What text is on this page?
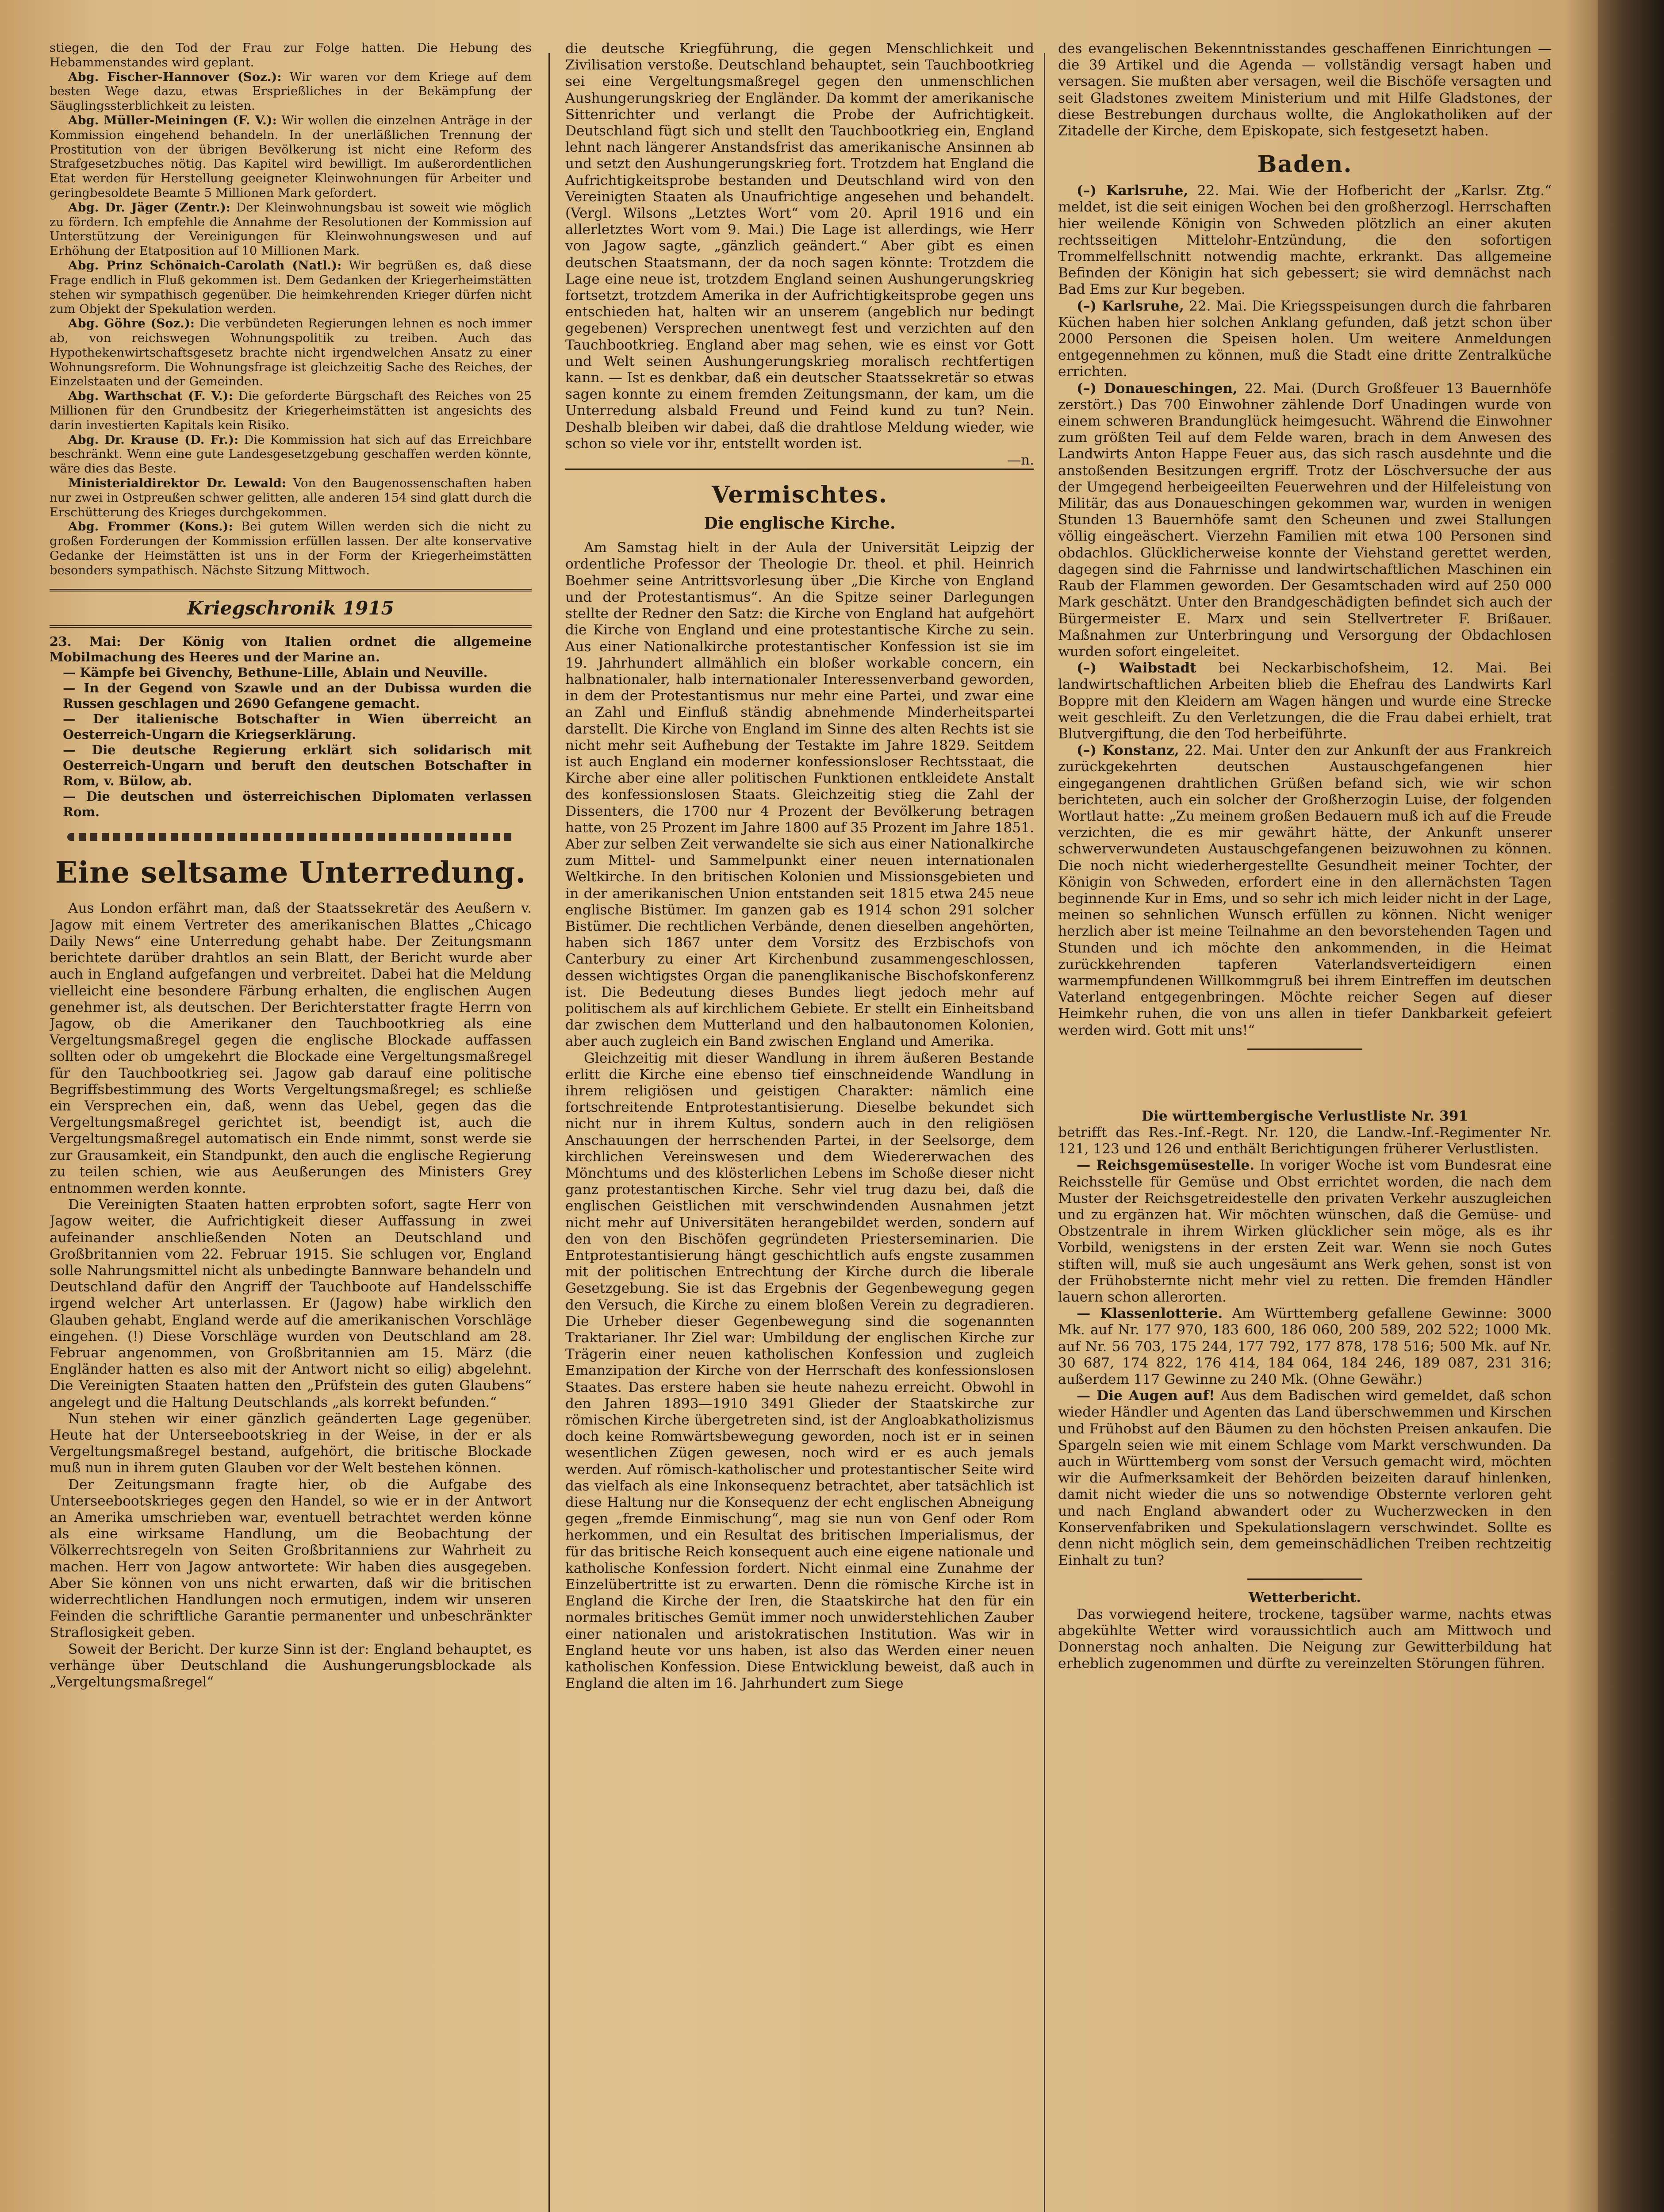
stiegen, die den Tod der Frau zur Folge hatten. Die Hebung des Hebammenstandes wird geplant.

Abg. Fischer-Hannover (Soz.): Wir waren vor dem Kriege auf dem besten Wege dazu, etwas Ersprießliches in der Bekämpfung der Säuglingssterblichkeit zu leisten.

Abg. Müller-Meiningen (F. V.): Wir wollen die einzelnen Anträge in der Kommission eingehend behandeln. In der unerläßlichen Trennung der Prostitution von der übrigen Bevölkerung ist nicht eine Reform des Strafgesetzbuches nötig. Das Kapitel wird bewilligt. Im außerordentlichen Etat werden für Herstellung geeigneter Kleinwohnungen für Arbeiter und geringbesoldete Beamte 5 Millionen Mark gefordert.

Abg. Dr. Jäger (Zentr.): Der Kleinwohnungsbau ist soweit wie möglich zu fördern. Ich empfehle die Annahme der Resolutionen der Kommission auf Unterstützung der Vereinigungen für Kleinwohnungswesen und auf Erhöhung der Etatposition auf 10 Millionen Mark.

Abg. Prinz Schönaich-Carolath (Natl.): Wir begrüßen es, daß diese Frage endlich in Fluß gekommen ist. Dem Gedanken der Kriegerheimstätten stehen wir sympathisch gegenüber. Die heimkehrenden Krieger dürfen nicht zum Objekt der Spekulation werden.

Abg. Göhre (Soz.): Die verbündeten Regierungen lehnen es noch immer ab, von reichswegen Wohnungspolitik zu treiben. Auch das Hypothekenwirtschaftsgesetz brachte nicht irgendwelchen Ansatz zu einer Wohnungsreform. Die Wohnungsfrage ist gleichzeitig Sache des Reiches, der Einzelstaaten und der Gemeinden.

Abg. Warthschat (F. V.): Die geforderte Bürgschaft des Reiches von 25 Millionen für den Grundbesitz der Kriegerheimstätten ist angesichts des darin investierten Kapitals kein Risiko.

Abg. Dr. Krause (D. Fr.): Die Kommission hat sich auf das Erreichbare beschränkt. Wenn eine gute Landesgesetzgebung geschaffen werden könnte, wäre dies das Beste.

Ministerialdirektor Dr. Lewald: Von den Baugenossenschaften haben nur zwei in Ostpreußen schwer gelitten, alle anderen 154 sind glatt durch die Erschütterung des Krieges durchgekommen.

Abg. Frommer (Kons.): Bei gutem Willen werden sich die nicht zu großen Forderungen der Kommission erfüllen lassen. Der alte konservative Gedanke der Heimstätten ist uns in der Form der Kriegerheimstätten besonders sympathisch. Nächste Sitzung Mittwoch.

Kriegschronik 1915

23. Mai: Der König von Italien ordnet die allgemeine Mobilmachung des Heeres und der Marine an.

— Kämpfe bei Givenchy, Bethune-Lille, Ablain und Neuville.

— In der Gegend von Szawle und an der Dubissa wurden die Russen geschlagen und 2690 Gefangene gemacht.

— Der italienische Botschafter in Wien überreicht an Oesterreich-Ungarn die Kriegserklärung.

— Die deutsche Regierung erklärt sich solidarisch mit Oesterreich-Ungarn und beruft den deutschen Botschafter in Rom, v. Bülow, ab.

— Die deutschen und österreichischen Diplomaten verlassen Rom.

Eine seltsame Unterredung.

Aus London erfährt man, daß der Staatssekretär des Aeußern v. Jagow mit einem Vertreter des amerikanischen Blattes „Chicago Daily News“ eine Unterredung gehabt habe. Der Zeitungsmann berichtete darüber drahtlos an sein Blatt, der Bericht wurde aber auch in England aufgefangen und verbreitet. Dabei hat die Meldung vielleicht eine besondere Färbung erhalten, die englischen Augen genehmer ist, als deutschen. Der Berichterstatter fragte Herrn von Jagow, ob die Amerikaner den Tauchbootkrieg als eine Vergeltungsmaßregel gegen die englische Blockade auffassen sollten oder ob umgekehrt die Blockade eine Vergeltungsmaßregel für den Tauchbootkrieg sei. Jagow gab darauf eine politische Begriffsbestimmung des Worts Vergeltungsmaßregel; es schließe ein Versprechen ein, daß, wenn das Uebel, gegen das die Vergeltungsmaßregel gerichtet ist, beendigt ist, auch die Vergeltungsmaßregel automatisch ein Ende nimmt, sonst werde sie zur Grausamkeit, ein Standpunkt, den auch die englische Regierung zu teilen schien, wie aus Aeußerungen des Ministers Grey entnommen werden konnte.

Die Vereinigten Staaten hatten erprobten sofort, sagte Herr von Jagow weiter, die Aufrichtigkeit dieser Auffassung in zwei aufeinander anschließenden Noten an Deutschland und Großbritannien vom 22. Februar 1915. Sie schlugen vor, England solle Nahrungsmittel nicht als unbedingte Bannware behandeln und Deutschland dafür den Angriff der Tauchboote auf Handelsschiffe irgend welcher Art unterlassen. Er (Jagow) habe wirklich den Glauben gehabt, England werde auf die amerikanischen Vorschläge eingehen. (!) Diese Vorschläge wurden von Deutschland am 28. Februar angenommen, von Großbritannien am 15. März (die Engländer hatten es also mit der Antwort nicht so eilig) abgelehnt. Die Vereinigten Staaten hatten den „Prüfstein des guten Glaubens“ angelegt und die Haltung Deutschlands „als korrekt befunden.“

Nun stehen wir einer gänzlich geänderten Lage gegenüber. Heute hat der Unterseebootskrieg in der Weise, in der er als Vergeltungsmaßregel bestand, aufgehört, die britische Blockade muß nun in ihrem guten Glauben vor der Welt bestehen können.

Der Zeitungsmann fragte hier, ob die Aufgabe des Unterseebootskrieges gegen den Handel, so wie er in der Antwort an Amerika umschrieben war, eventuell betrachtet werden könne als eine wirksame Handlung, um die Beobachtung der Völkerrechtsregeln von Seiten Großbritanniens zur Wahrheit zu machen. Herr von Jagow antwortete: Wir haben dies ausgegeben. Aber Sie können von uns nicht erwarten, daß wir die britischen widerrechtlichen Handlungen noch ermutigen, indem wir unseren Feinden die schriftliche Garantie permanenter und unbeschränkter Straflosigkeit geben.

Soweit der Bericht. Der kurze Sinn ist der: England behauptet, es verhänge über Deutschland die Aushungerungsblockade als „Vergeltungsmaßregel“

die deutsche Kriegführung, die gegen Menschlichkeit und Zivilisation verstoße. Deutschland behauptet, sein Tauchbootkrieg sei eine Vergeltungsmaßregel gegen den unmenschlichen Aushungerungskrieg der Engländer. Da kommt der amerikanische Sittenrichter und verlangt die Probe der Aufrichtigkeit. Deutschland fügt sich und stellt den Tauchbootkrieg ein, England lehnt nach längerer Anstandsfrist das amerikanische Ansinnen ab und setzt den Aushungerungskrieg fort. Trotzdem hat England die Aufrichtigkeitsprobe bestanden und Deutschland wird von den Vereinigten Staaten als Unaufrichtige angesehen und behandelt. (Vergl. Wilsons „Letztes Wort“ vom 20. April 1916 und ein allerletztes Wort vom 9. Mai.) Die Lage ist allerdings, wie Herr von Jagow sagte, „gänzlich geändert.“ Aber gibt es einen deutschen Staatsmann, der da noch sagen könnte: Trotzdem die Lage eine neue ist, trotzdem England seinen Aushungerungskrieg fortsetzt, trotzdem Amerika in der Aufrichtigkeitsprobe gegen uns entschieden hat, halten wir an unserem (angeblich nur bedingt gegebenen) Versprechen unentwegt fest und verzichten auf den Tauchbootkrieg. England aber mag sehen, wie es einst vor Gott und Welt seinen Aushungerungskrieg moralisch rechtfertigen kann. — Ist es denkbar, daß ein deutscher Staatssekretär so etwas sagen konnte zu einem fremden Zeitungsmann, der kam, um die Unterredung alsbald Freund und Feind kund zu tun? Nein. Deshalb bleiben wir dabei, daß die drahtlose Meldung wieder, wie schon so viele vor ihr, entstellt worden ist.

—n.

Vermischtes.
Die englische Kirche.

Am Samstag hielt in der Aula der Universität Leipzig der ordentliche Professor der Theologie Dr. theol. et phil. Heinrich Boehmer seine Antrittsvorlesung über „Die Kirche von England und der Protestantismus“. An die Spitze seiner Darlegungen stellte der Redner den Satz: die Kirche von England hat aufgehört die Kirche von England und eine protestantische Kirche zu sein. Aus einer Nationalkirche protestantischer Konfession ist sie im 19. Jahrhundert allmählich ein bloßer workable concern, ein halbnationaler, halb internationaler Interessenverband geworden, in dem der Protestantismus nur mehr eine Partei, und zwar eine an Zahl und Einfluß ständig abnehmende Minderheitspartei darstellt. Die Kirche von England im Sinne des alten Rechts ist sie nicht mehr seit Aufhebung der Testakte im Jahre 1829. Seitdem ist auch England ein moderner konfessionsloser Rechtsstaat, die Kirche aber eine aller politischen Funktionen entkleidete Anstalt des konfessionslosen Staats. Gleichzeitig stieg die Zahl der Dissenters, die 1700 nur 4 Prozent der Bevölkerung betragen hatte, von 25 Prozent im Jahre 1800 auf 35 Prozent im Jahre 1851. Aber zur selben Zeit verwandelte sie sich aus einer Nationalkirche zum Mittel- und Sammelpunkt einer neuen internationalen Weltkirche. In den britischen Kolonien und Missionsgebieten und in der amerikanischen Union entstanden seit 1815 etwa 245 neue englische Bistümer. Im ganzen gab es 1914 schon 291 solcher Bistümer. Die rechtlichen Verbände, denen dieselben angehörten, haben sich 1867 unter dem Vorsitz des Erzbischofs von Canterbury zu einer Art Kirchenbund zusammengeschlossen, dessen wichtigstes Organ die panenglikanische Bischofskonferenz ist. Die Bedeutung dieses Bundes liegt jedoch mehr auf politischem als auf kirchlichem Gebiete. Er stellt ein Einheitsband dar zwischen dem Mutterland und den halbautonomen Kolonien, aber auch zugleich ein Band zwischen England und Amerika.

Gleichzeitig mit dieser Wandlung in ihrem äußeren Bestande erlitt die Kirche eine ebenso tief einschneidende Wandlung in ihrem religiösen und geistigen Charakter: nämlich eine fortschreitende Entprotestantisierung. Dieselbe bekundet sich nicht nur in ihrem Kultus, sondern auch in den religiösen Anschauungen der herrschenden Partei, in der Seelsorge, dem kirchlichen Vereinswesen und dem Wiedererwachen des Mönchtums und des klösterlichen Lebens im Schoße dieser nicht ganz protestantischen Kirche. Sehr viel trug dazu bei, daß die englischen Geistlichen mit verschwindenden Ausnahmen jetzt nicht mehr auf Universitäten herangebildet werden, sondern auf den von den Bischöfen gegründeten Priesterseminarien. Die Entprotestantisierung hängt geschichtlich aufs engste zusammen mit der politischen Entrechtung der Kirche durch die liberale Gesetzgebung. Sie ist das Ergebnis der Gegenbewegung gegen den Versuch, die Kirche zu einem bloßen Verein zu degradieren. Die Urheber dieser Gegenbewegung sind die sogenannten Traktarianer. Ihr Ziel war: Umbildung der englischen Kirche zur Trägerin einer neuen katholischen Konfession und zugleich Emanzipation der Kirche von der Herrschaft des konfessionslosen Staates. Das erstere haben sie heute nahezu erreicht. Obwohl in den Jahren 1893—1910 3491 Glieder der Staatskirche zur römischen Kirche übergetreten sind, ist der Angloabkatholizismus doch keine Romwärtsbewegung geworden, noch ist er in seinen wesentlichen Zügen gewesen, noch wird er es auch jemals werden. Auf römisch-katholischer und protestantischer Seite wird das vielfach als eine Inkonsequenz betrachtet, aber tatsächlich ist diese Haltung nur die Konsequenz der echt englischen Abneigung gegen „fremde Einmischung“, mag sie nun von Genf oder Rom herkommen, und ein Resultat des britischen Imperialismus, der für das britische Reich konsequent auch eine eigene nationale und katholische Konfession fordert. Nicht einmal eine Zunahme der Einzelübertritte ist zu erwarten. Denn die römische Kirche ist in England die Kirche der Iren, die Staatskirche hat den für ein normales britisches Gemüt immer noch unwiderstehlichen Zauber einer nationalen und aristokratischen Institution. Was wir in England heute vor uns haben, ist also das Werden einer neuen katholischen Konfession. Diese Entwicklung beweist, daß auch in England die alten im 16. Jahrhundert zum Siege

des evangelischen Bekenntnisstandes geschaffenen Einrichtungen — die 39 Artikel und die Agenda — vollständig versagt haben und versagen. Sie mußten aber versagen, weil die Bischöfe versagten und seit Gladstones zweitem Ministerium und mit Hilfe Gladstones, der diese Bestrebungen durchaus wollte, die Anglokatholiken auf der Zitadelle der Kirche, dem Episkopate, sich festgesetzt haben.

Baden.

(–) Karlsruhe, 22. Mai. Wie der Hofbericht der „Karlsr. Ztg.“ meldet, ist die seit einigen Wochen bei den großherzogl. Herrschaften hier weilende Königin von Schweden plötzlich an einer akuten rechtsseitigen Mittelohr-Entzündung, die den sofortigen Trommelfellschnitt notwendig machte, erkrankt. Das allgemeine Befinden der Königin hat sich gebessert; sie wird demnächst nach Bad Ems zur Kur begeben.

(–) Karlsruhe, 22. Mai. Die Kriegsspeisungen durch die fahrbaren Küchen haben hier solchen Anklang gefunden, daß jetzt schon über 2000 Personen die Speisen holen. Um weitere Anmeldungen entgegennehmen zu können, muß die Stadt eine dritte Zentralküche errichten.

(–) Donaueschingen, 22. Mai. (Durch Großfeuer 13 Bauernhöfe zerstört.) Das 700 Einwohner zählende Dorf Unadingen wurde von einem schweren Brandunglück heimgesucht. Während die Einwohner zum größten Teil auf dem Felde waren, brach in dem Anwesen des Landwirts Anton Happe Feuer aus, das sich rasch ausdehnte und die anstoßenden Besitzungen ergriff. Trotz der Löschversuche der aus der Umgegend herbeigeeilten Feuerwehren und der Hilfeleistung von Militär, das aus Donaueschingen gekommen war, wurden in wenigen Stunden 13 Bauernhöfe samt den Scheunen und zwei Stallungen völlig eingeäschert. Vierzehn Familien mit etwa 100 Personen sind obdachlos. Glücklicherweise konnte der Viehstand gerettet werden, dagegen sind die Fahrnisse und landwirtschaftlichen Maschinen ein Raub der Flammen geworden. Der Gesamtschaden wird auf 250 000 Mark geschätzt. Unter den Brandgeschädigten befindet sich auch der Bürgermeister E. Marx und sein Stellvertreter F. Brißauer. Maßnahmen zur Unterbringung und Versorgung der Obdachlosen wurden sofort eingeleitet.

(–) Waibstadt bei Neckarbischofsheim, 12. Mai. Bei landwirtschaftlichen Arbeiten blieb die Ehefrau des Landwirts Karl Boppre mit den Kleidern am Wagen hängen und wurde eine Strecke weit geschleift. Zu den Verletzungen, die die Frau dabei erhielt, trat Blutvergiftung, die den Tod herbeiführte.

(–) Konstanz, 22. Mai. Unter den zur Ankunft der aus Frankreich zurückgekehrten deutschen Austauschgefangenen hier eingegangenen drahtlichen Grüßen befand sich, wie wir schon berichteten, auch ein solcher der Großherzogin Luise, der folgenden Wortlaut hatte: „Zu meinem großen Bedauern muß ich auf die Freude verzichten, die es mir gewährt hätte, der Ankunft unserer schwerverwundeten Austauschgefangenen beizuwohnen zu können. Die noch nicht wiederhergestellte Gesundheit meiner Tochter, der Königin von Schweden, erfordert eine in den allernächsten Tagen beginnende Kur in Ems, und so sehr ich mich leider nicht in der Lage, meinen so sehnlichen Wunsch erfüllen zu können. Nicht weniger herzlich aber ist meine Teilnahme an den bevorstehenden Tagen und Stunden und ich möchte den ankommenden, in die Heimat zurückkehrenden tapferen Vaterlandsverteidigern einen warmempfundenen Willkommgruß bei ihrem Eintreffen im deutschen Vaterland entgegenbringen. Möchte reicher Segen auf dieser Heimkehr ruhen, die von uns allen in tiefer Dankbarkeit gefeiert werden wird. Gott mit uns!“

Die württembergische Verlustliste Nr. 391

betrifft das Res.-Inf.-Regt. Nr. 120, die Landw.-Inf.-Regimenter Nr. 121, 123 und 126 und enthält Berichtigungen früherer Verlustlisten.

— Reichsgemüsestelle. In voriger Woche ist vom Bundesrat eine Reichsstelle für Gemüse und Obst errichtet worden, die nach dem Muster der Reichsgetreidestelle den privaten Verkehr auszugleichen und zu ergänzen hat. Wir möchten wünschen, daß die Gemüse- und Obstzentrale in ihrem Wirken glücklicher sein möge, als es ihr Vorbild, wenigstens in der ersten Zeit war. Wenn sie noch Gutes stiften will, muß sie auch ungesäumt ans Werk gehen, sonst ist von der Frühobsternte nicht mehr viel zu retten. Die fremden Händler lauern schon allerorten.

— Klassenlotterie. Am Württemberg gefallene Gewinne: 3000 Mk. auf Nr. 177 970, 183 600, 186 060, 200 589, 202 522; 1000 Mk. auf Nr. 56 703, 175 244, 177 792, 177 878, 178 516; 500 Mk. auf Nr. 30 687, 174 822, 176 414, 184 064, 184 246, 189 087, 231 316; außerdem 117 Gewinne zu 240 Mk. (Ohne Gewähr.)

— Die Augen auf! Aus dem Badischen wird gemeldet, daß schon wieder Händler und Agenten das Land überschwemmen und Kirschen und Frühobst auf den Bäumen zu den höchsten Preisen ankaufen. Die Spargeln seien wie mit einem Schlage vom Markt verschwunden. Da auch in Württemberg vom sonst der Versuch gemacht wird, möchten wir die Aufmerksamkeit der Behörden beizeiten darauf hinlenken, damit nicht wieder die uns so notwendige Obsternte verloren geht und nach England abwandert oder zu Wucherzwecken in den Konservenfabriken und Spekulationslagern verschwindet. Sollte es denn nicht möglich sein, dem gemeinschädlichen Treiben rechtzeitig Einhalt zu tun?

Wetterbericht.

Das vorwiegend heitere, trockene, tagsüber warme, nachts etwas abgekühlte Wetter wird voraussichtlich auch am Mittwoch und Donnerstag noch anhalten. Die Neigung zur Gewitterbildung hat erheblich zugenommen und dürfte zu vereinzelten Störungen führen.
